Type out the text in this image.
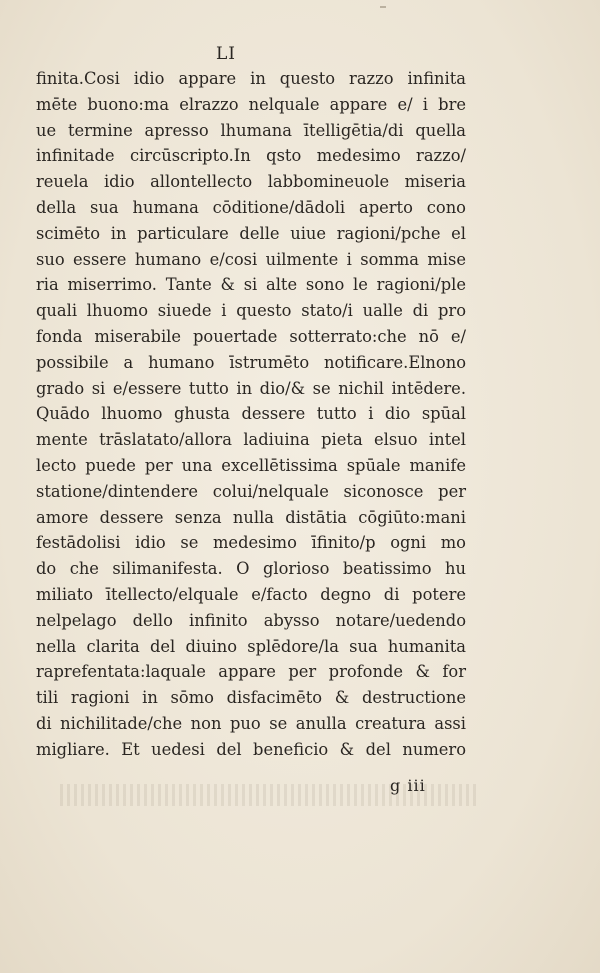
LI
finita.Cosi idio appare in questo razzo infinita
mēte buono:ma elrazzo nelquale appare e/ i bre
ue termine apresso lhumana ītelligētia/di quella
infinitade circūscripto.In qsto medesimo razzo/
reuela idio allontellecto labbomineuole miseria
della sua humana cōditione/dādoli aperto cono
scimēto in particulare delle uiue ragioni/pche el
suo essere humano e/cosi uilmente i somma mise
ria miserrimo. Tante & si alte sono le ragioni/ple
quali lhuomo siuede i questo stato/i ualle di pro
fonda miserabile pouertade sotterrato:che nō e/
possibile a humano īstrumēto notificare.Elnono
grado si e/essere tutto in dio/& se nichil intēdere.
Quādo lhuomo ghusta dessere tutto i dio spūal
mente trāslatato/allora ladiuina pieta elsuo intel
lecto puede per una excellētissima spūale manife
statione/dintendere colui/nelquale siconosce per
amore dessere senza nulla distātia cōgiūto:mani
festādolisi idio se medesimo īfinito/p ogni mo
do che silimanifesta. O glorioso beatissimo hu
miliato ītellecto/elquale e/facto degno di potere
nelpelago dello infinito abysso notare/uedendo
nella clarita del diuino splēdore/la sua humanita
raprefentata:laquale appare per profonde & for
tili ragioni in sōmo disfacimēto & destructione
di nichilitade/che non puo se anulla creatura assi
migliare. Et uedesi del beneficio & del numero
g iii
